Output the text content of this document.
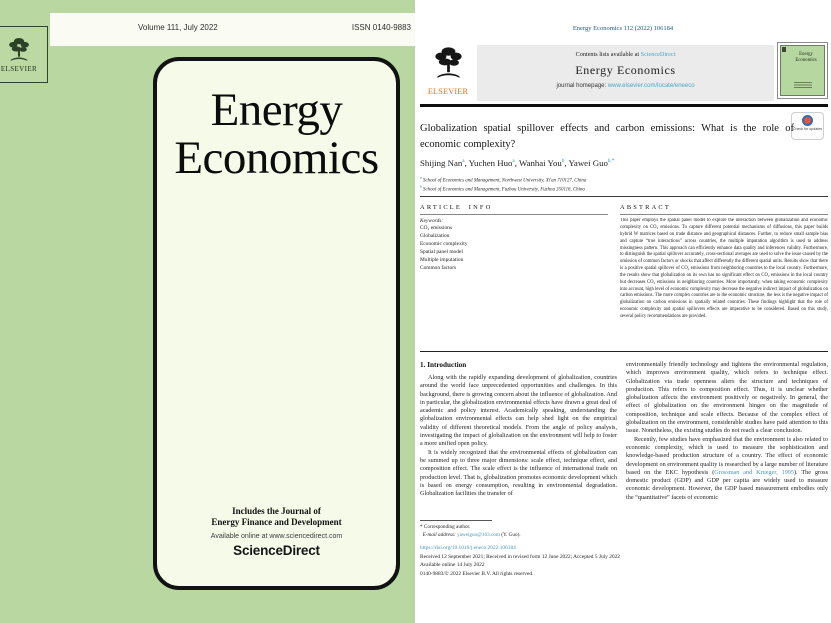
Volume 111, July 2022	ISSN 0140-9883
ELSEVIER
Energy
Economics
Includes the Journal of
Energy Finance and Development
Available online at www.sciencedirect.com
ScienceDirect
Energy Economics 112 (2022) 106184
ELSEVIER
Contents lists available at ScienceDirect
Energy Economics
journal homepage: www.elsevier.com/locate/eneeco
Energy Economics
Check for updates
Globalization spatial spillover effects and carbon emissions: What is the role of economic complexity?
Shijing Nan$^a$, Yuchen Huo$^a$, Wanhai You$^b$, Yawei Guo$^{b,*}$
$^a$ School of Economics and Management, Northwest University, Xi'an 710127, China
$^b$ School of Economics and Management, Fuzhou University, Fuzhou 350116, China
ARTICLE INFO
Keywords:
CO₂ emissions
Globalization
Economic complexity
Spatial panel model
Multiple imputation
Common factors
ABSTRACT
This paper employs the spatial panel model to explore the interaction between globalization and economic complexity on CO₂ emissions. To capture different potential mechanisms of diffusions, this paper builds hybrid W matrices based on trade distance and geographical distances. Further, to reduce small sample bias and capture “true interactions” across countries, the multiple imputation algorithm is used to address missingness pattern. This approach can efficiently enhance data quality and inferences validity. Furthermore, to distinguish the spatial spillover accurately, cross-sectional averages are used to solve the issue caused by the omission of common factors or shocks that affect differently the different spatial units. Results show that there is a positive spatial spillover of CO₂ emissions from neighboring countries to the local country. Furthermore, the results show that globalization on its own has no significant effect on CO₂ emissions in the local country but decreases CO₂ emissions in neighboring countries. More importantly, when taking economic complexity into account, high level of economic complexity may decrease the negative indirect impact of globalization on carbon emissions. The more complex countries are to the economic structure, the less is the negative impact of globalization on carbon emissions in spatially related countries. These findings highlight that the role of economic complexity and spatial spillovers effects are imperative to be considered. Based on this study, several policy recommendations are provided.
1. Introduction

Along with the rapidly expanding development of globalization, countries around the world face unprecedented opportunities and challenges. In this background, there is growing concern about the influence of globalization. And in particular, the globalization environmental effects have drawn a great deal of academic and policy interest. Academically speaking, understanding the globalization environmental effects can help shed light on the empirical validity of different theoretical models. From the angle of policy analysis, investigating the impact of globalization on the environment will help to foster a more unified open policy.

It is widely recognized that the environmental effects of globalization can be summed up to three major dimensions: scale effect, technique effect, and composition effect. The scale effect is the influence of international trade on production level. That is, globalization promotes economic development which is based on energy consumption, resulting in environmental degradation. Globalization facilities the transfer of

environmentally friendly technology and tightens the environmental regulation, which improves environment quality, which refers to technique effect. Globalization via trade openness alters the structure and techniques of production. This refers to composition effect. Thus, it is unclear whether globalization affects the environment positively or negatively. In general, the effect of globalization on the environment hinges on the magnitude of composition, technique and scale effects. Because of the complex effect of globalization on the environment, considerable studies have paid attention to this issue. Nonetheless, the existing studies do not reach a clear conclusion.

Recently, few studies have emphasized that the environment is also related to economic complexity, which is used to measure the sophistication and knowledge-based production structure of a country. The effect of economic development on environment quality is researched by a large number of literature based on the EKC hypothesis (Grossman and Krueger, 1995). The gross domestic product (GDP) and GDP per capita are widely used to measure economic development. However, the GDP based measurement embodies only the “quantitative” facets of economic

* Corresponding author.
E-mail address: yaweiguo@163.com (Y. Guo).
https://doi.org/10.1016/j.eneco.2022.106184
Received 12 September 2021; Received in revised form 12 June 2022; Accepted 5 July 2022
Available online 14 July 2022
0140-9883/© 2022 Elsevier B.V. All rights reserved.
